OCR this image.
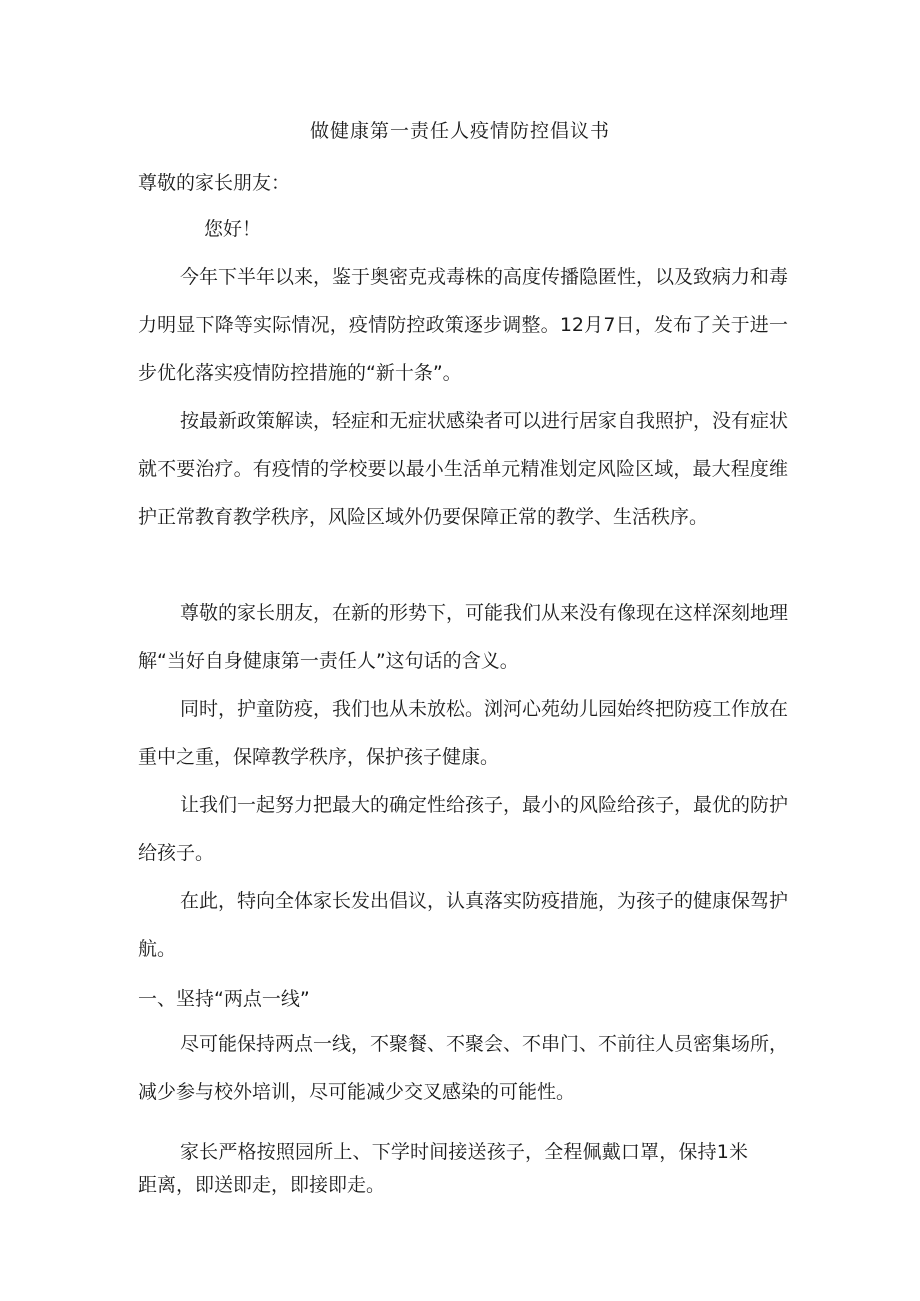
做健康第一责任人疫情防控倡议书
尊敬的家长朋友：
您好！
今年下半年以来，鉴于奥密克戎毒株的高度传播隐匿性，以及致病力和毒力明显下降等实际情况，疫情防控政策逐步调整。12月7日，发布了关于进一步优化落实疫情防控措施的“新十条”。
按最新政策解读，轻症和无症状感染者可以进行居家自我照护，没有症状就不要治疗。有疫情的学校要以最小生活单元精准划定风险区域，最大程度维护正常教育教学秩序，风险区域外仍要保障正常的教学、生活秩序。
尊敬的家长朋友，在新的形势下，可能我们从来没有像现在这样深刻地理解“当好自身健康第一责任人”这句话的含义。
同时，护童防疫，我们也从未放松。浏河心苑幼儿园始终把防疫工作放在重中之重，保障教学秩序，保护孩子健康。
让我们一起努力把最大的确定性给孩子，最小的风险给孩子，最优的防护给孩子。
在此，特向全体家长发出倡议，认真落实防疫措施，为孩子的健康保驾护航。
一、坚持“两点一线”
尽可能保持两点一线，不聚餐、不聚会、不串门、不前往人员密集场所，减少参与校外培训，尽可能减少交叉感染的可能性。
家长严格按照园所上、下学时间接送孩子，全程佩戴口罩，保持1米距离，即送即走，即接即走。
